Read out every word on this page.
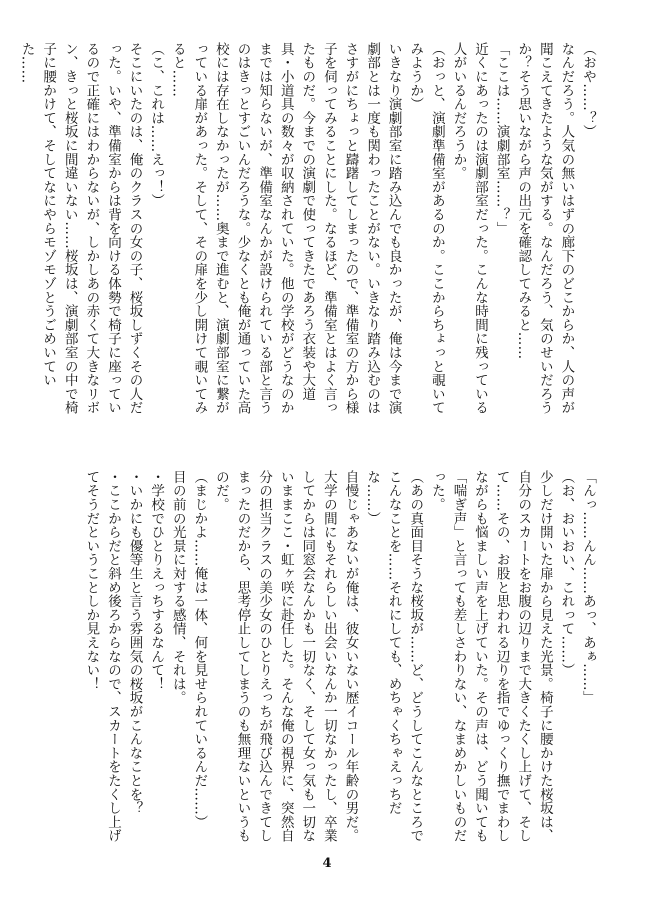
（おや……？）

なんだろう。人気の無いはずの廊下のどこからか、人の声が聞こえてきたような気がする。なんだろう、気のせいだろうか？そう思いながら声の出元を確認してみると……

「ここは……演劇部室……？」

近くにあったのは演劇部室だった。こんな時間に残っている人がいるんだろうか。

（おっと、演劇準備室があるのか。ここからちょっと覗いてみようか）

いきなり演劇部室に踏み込んでも良かったが、俺は今まで演劇部とは一度も関わったことがない。いきなり踏み込むのはさすがにちょっと躊躇してしまったので、準備室の方から様子を伺ってみることにした。なるほど、準備室とはよく言ったものだ。今までの演劇で使ってきたであろう衣装や大道具・小道具の数々が収納されていた。他の学校がどうなのかまでは知らないが、準備室なんかが設けられている部と言うのはきっとすごいんだろうな。少なくとも俺が通っていた高校には存在しなかったが……奥まで進むと、演劇部室に繋がっている扉があった。そして、その扉を少し開けて覗いてみると……

（こ、これは……えっ！）

そこにいたのは、俺のクラスの女の子、桜坂しずくその人だった。いや、準備室からは背を向ける体勢で椅子に座っているので正確にはわからないが、しかしあの赤くて大きなリボン、きっと桜坂に間違いない……桜坂は、演劇部室の中で椅子に腰かけて、そしてなにやらモゾモゾとうごめいていた……

「んっ……んん……あっ、あぁ……」

（お、おいおい、これって……）

少しだけ開いた扉から見えた光景。椅子に腰かけた桜坂は、自分のスカートをお腹の辺りまで大きくたくし上げて、そして……その、お股と思われる辺りを指でゆっくり撫でまわしながらも悩ましい声を上げていた。その声は、どう聞いても「喘ぎ声」と言っても差しさわりない、なまめかしいものだった。

（あの真面目そうな桜坂が……ど、どうしてこんなところでこんなことを……それにしても、めちゃくちゃえっちだな……）

自慢じゃあないが俺は、彼女いない歴イコール年齢の男だ。大学の間にもそれらしい出会いなんか一切なかったし、卒業してからは同窓会なんかも一切なく、そして女っ気も一切ないままここ・虹ヶ咲に赴任した。そんな俺の視界に、突然自分の担当クラスの美少女のひとりえっちが飛び込んできてしまったのだから、思考停止してしまうのも無理ないというものだ。

（まじかよ……俺は一体、何を見せられているんだ……）

目の前の光景に対する感情、それは。

・学校でひとりえっちするなんて！

・いかにも優等生と言う雰囲気の桜坂がこんなことを？

・ここからだと斜め後ろからなので、スカートをたくし上げてそうだということしか見えない！

4
